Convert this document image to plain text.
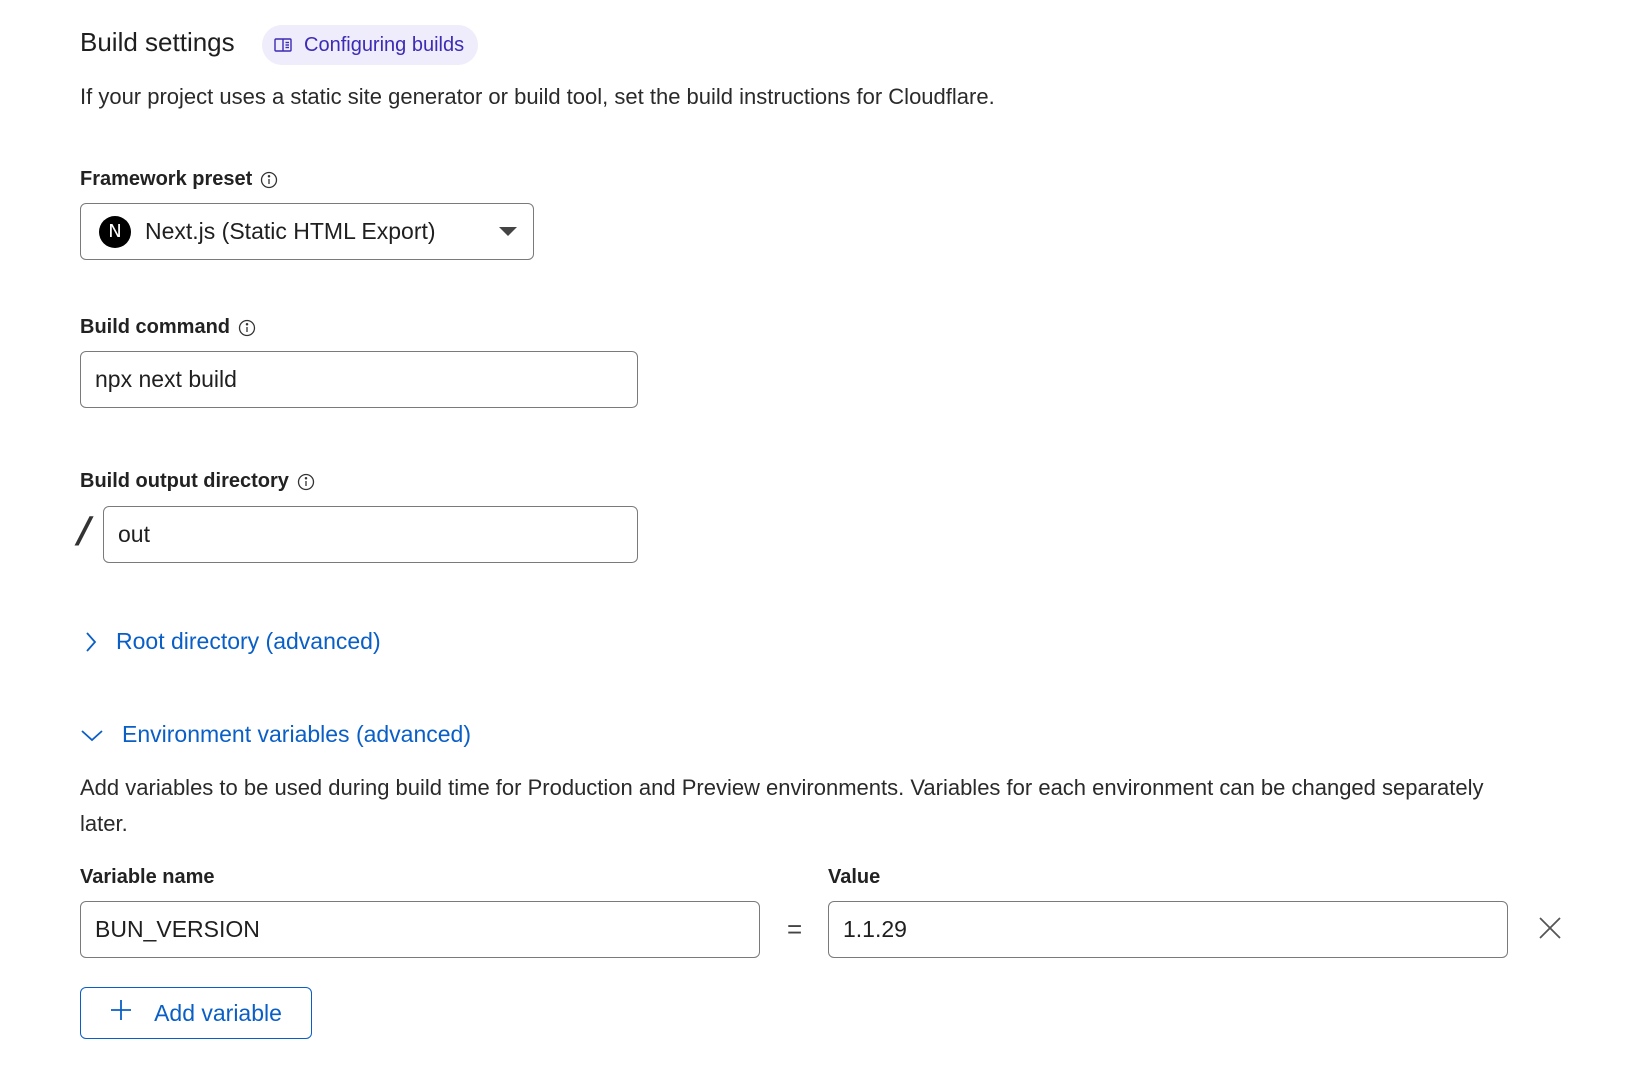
Build settings	Configuring builds
If your project uses a static site generator or build tool, set the build instructions for Cloudflare.
Framework preset
N Next.js (Static HTML Export)
Build command
npx next build
Build output directory
/ out
Root directory (advanced)
Environment variables (advanced)
Add variables to be used during build time for Production and Preview environments. Variables for each environment can be changed separately later.
Variable name	Value
BUN_VERSION	= 1.1.29
Add variable
